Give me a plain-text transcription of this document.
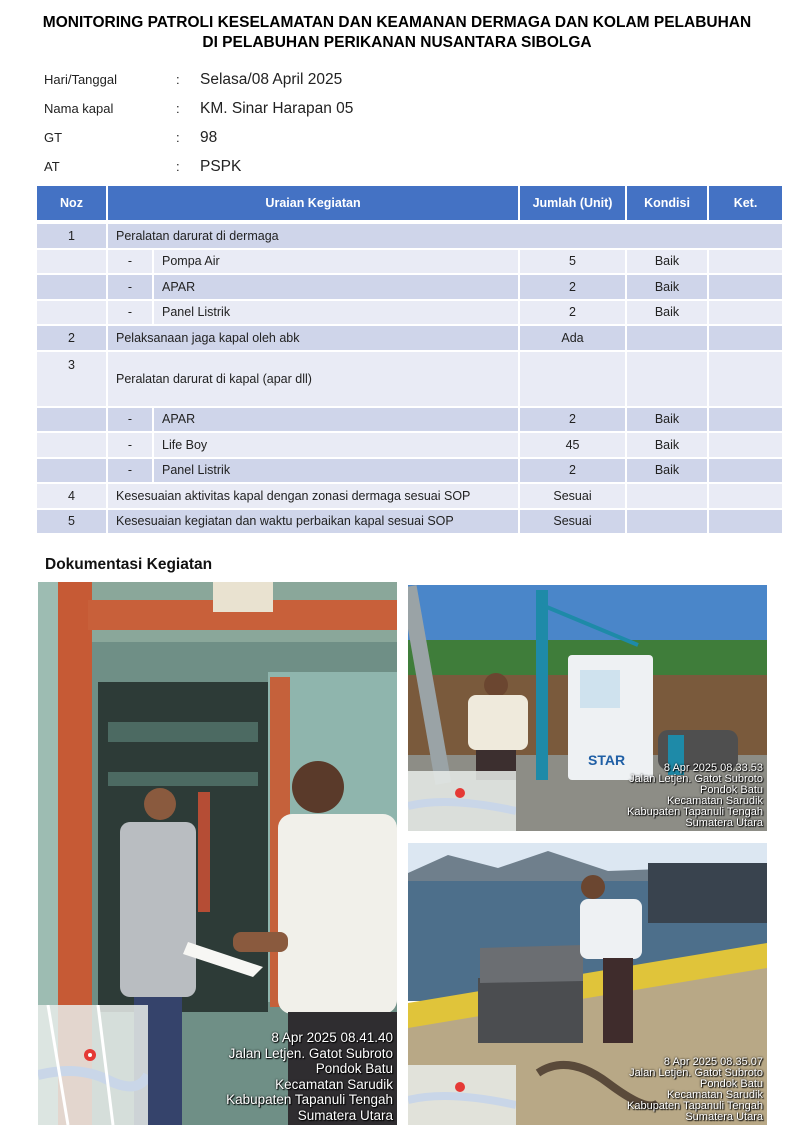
MONITORING PATROLI KESELAMATAN DAN KEAMANAN DERMAGA DAN KOLAM PELABUHAN
DI PELABUHAN PERIKANAN NUSANTARA SIBOLGA
Hari/Tanggal	:	Selasa/08 April 2025
Nama kapal	:	KM. Sinar Harapan 05
GT	:	98
AT	:	PSPK
Noz	Uraian Kegiatan		Jumlah (Unit)	Kondisi	Ket.

1	Peralatan darurat di dermaga				
	-	Pompa Air	5	Baik	
	-	APAR	2	Baik	
	-	Panel Listrik	2	Baik	
2	Pelaksanaan jaga kapal oleh abk		Ada		
3	Peralatan darurat di kapal (apar dll)				
	-	APAR	2	Baik	
	-	Life Boy	45	Baik	
	-	Panel Listrik	2	Baik	
4	Kesesuaian aktivitas kapal dengan zonasi dermaga sesuai SOP		Sesuai		
5	Kesesuaian kegiatan dan waktu perbaikan kapal sesuai SOP		Sesuai		
Dokumentasi Kegiatan
8 Apr 2025 08.41.40
Jalan Letjen. Gatot Subroto
Pondok Batu
Kecamatan Sarudik
Kabupaten Tapanuli Tengah
Sumatera Utara
STAR	8 Apr 2025 08.33.53
Jalan Letjen. Gatot Subroto
Pondok Batu
Kecamatan Sarudik
Kabupaten Tapanuli Tengah
Sumatera Utara
8 Apr 2025 08.35.07
Jalan Letjen. Gatot Subroto
Pondok Batu
Kecamatan Sarudik
Kabupaten Tapanuli Tengah
Sumatera Utara
